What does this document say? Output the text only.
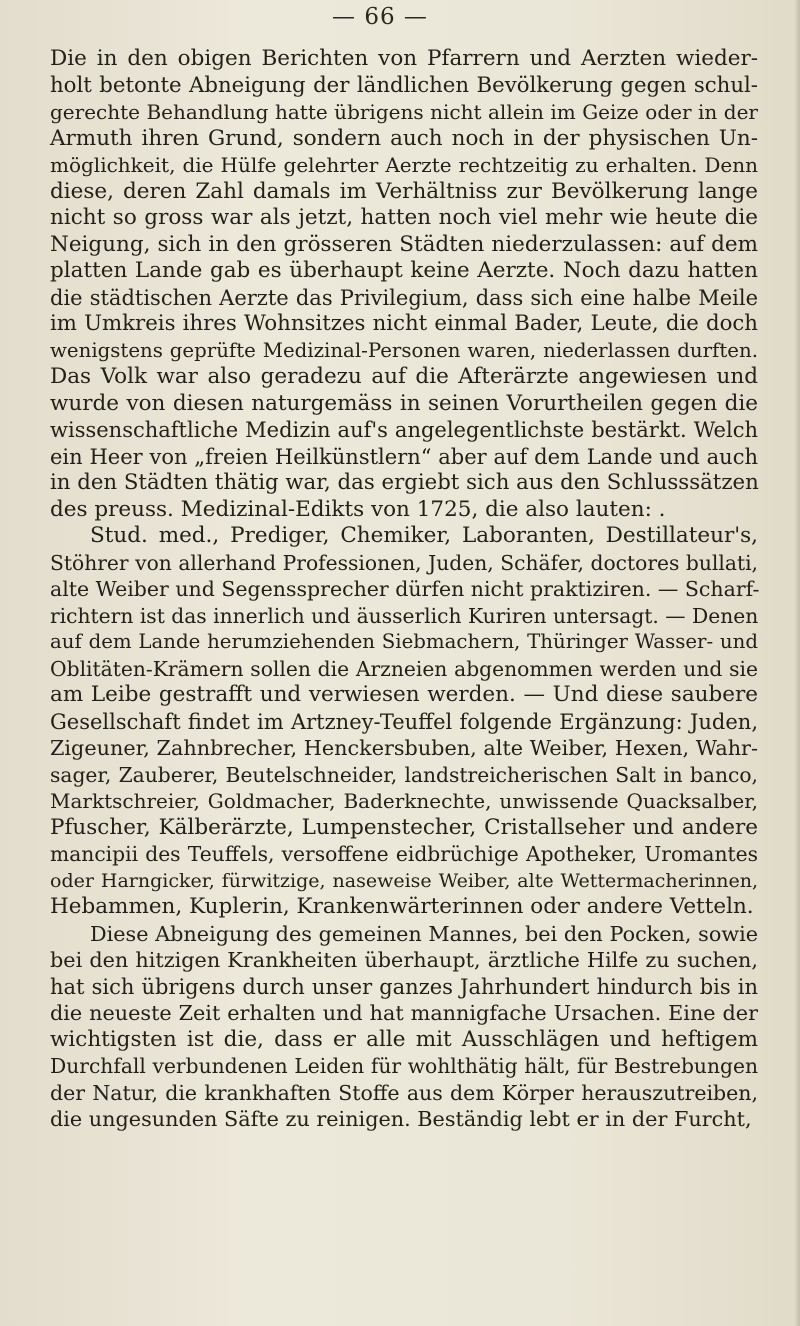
— 66 —
Die in den obigen Berichten von Pfarrern und Aerzten wieder-
holt betonte Abneigung der ländlichen Bevölkerung gegen schul-
gerechte Behandlung hatte übrigens nicht allein im Geize oder in der
Armuth ihren Grund, sondern auch noch in der physischen Un-
möglichkeit, die Hülfe gelehrter Aerzte rechtzeitig zu erhalten. Denn
diese, deren Zahl damals im Verhältniss zur Bevölkerung lange
nicht so gross war als jetzt, hatten noch viel mehr wie heute die
Neigung, sich in den grösseren Städten niederzulassen: auf dem
platten Lande gab es überhaupt keine Aerzte. Noch dazu hatten
die städtischen Aerzte das Privilegium, dass sich eine halbe Meile
im Umkreis ihres Wohnsitzes nicht einmal Bader, Leute, die doch
wenigstens geprüfte Medizinal-Personen waren, niederlassen durften.
Das Volk war also geradezu auf die Afterärzte angewiesen und
wurde von diesen naturgemäss in seinen Vorurtheilen gegen die
wissenschaftliche Medizin auf's angelegentlichste bestärkt. Welch
ein Heer von „freien Heilkünstlern“ aber auf dem Lande und auch
in den Städten thätig war, das ergiebt sich aus den Schlusssätzen
des preuss. Medizinal-Edikts von 1725, die also lauten: .
Stud. med., Prediger, Chemiker, Laboranten, Destillateur's,
Stöhrer von allerhand Professionen, Juden, Schäfer, doctores bullati,
alte Weiber und Segenssprecher dürfen nicht praktiziren. — Scharf-
richtern ist das innerlich und äusserlich Kuriren untersagt. — Denen
auf dem Lande herumziehenden Siebmachern, Thüringer Wasser- und
Oblitäten-Krämern sollen die Arzneien abgenommen werden und sie
am Leibe gestrafft und verwiesen werden. — Und diese saubere
Gesellschaft findet im Artzney-Teuffel folgende Ergänzung: Juden,
Zigeuner, Zahnbrecher, Henckersbuben, alte Weiber, Hexen, Wahr-
sager, Zauberer, Beutelschneider, landstreicherischen Salt in banco,
Marktschreier, Goldmacher, Baderknechte, unwissende Quacksalber,
Pfuscher, Kälberärzte, Lumpenstecher, Cristallseher und andere
mancipii des Teuffels, versoffene eidbrüchige Apotheker, Uromantes
oder Harngicker, fürwitzige, naseweise Weiber, alte Wettermacherinnen,
Hebammen, Kuplerin, Krankenwärterinnen oder andere Vetteln.
Diese Abneigung des gemeinen Mannes, bei den Pocken, sowie
bei den hitzigen Krankheiten überhaupt, ärztliche Hilfe zu suchen,
hat sich übrigens durch unser ganzes Jahrhundert hindurch bis in
die neueste Zeit erhalten und hat mannigfache Ursachen. Eine der
wichtigsten ist die, dass er alle mit Ausschlägen und heftigem
Durchfall verbundenen Leiden für wohlthätig hält, für Bestrebungen
der Natur, die krankhaften Stoffe aus dem Körper herauszutreiben,
die ungesunden Säfte zu reinigen. Beständig lebt er in der Furcht,
